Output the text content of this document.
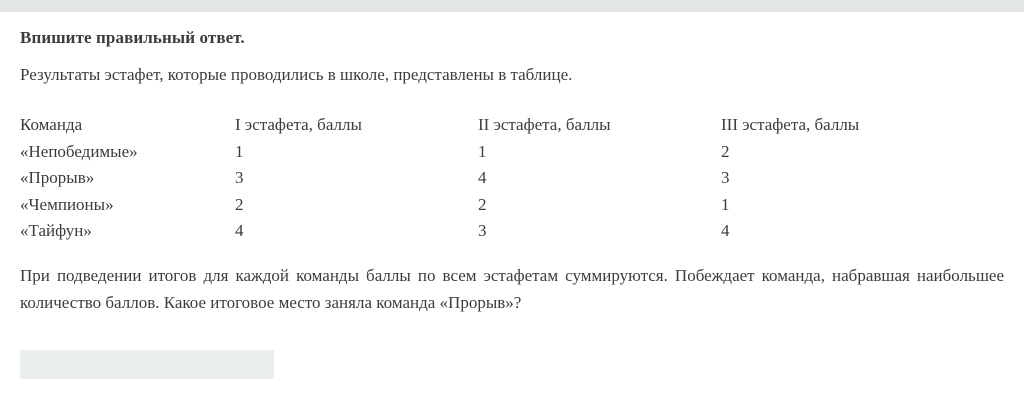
Впишите правильный ответ.
Результаты эстафет, которые проводились в школе, представлены в таблице.
Команда	I эстафета, баллы	II эстафета, баллы	III эстафета, баллы
«Непобедимые»	1	1	2
«Прорыв»	3	4	3
«Чемпионы»	2	2	1
«Тайфун»	4	3	4
При подведении итогов для каждой команды баллы по всем эстафетам суммируются. Побеждает команда, набравшая наибольшее количество баллов. Какое итоговое место заняла команда «Прорыв»?
